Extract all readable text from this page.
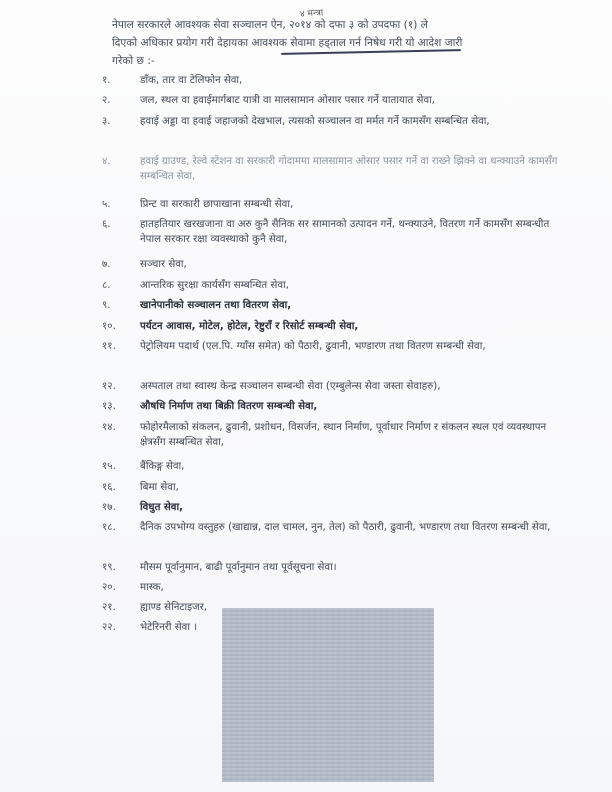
४ मन्त्रा
नेपाल सरकारले आवश्यक सेवा सञ्चालन ऐन, २०१४ को दफा ३ को उपदफा (१) ले
दिएको अधिकार प्रयोग गरी देहायका आवश्यक सेवामा हड्ताल गर्न निषेध गरी यो आदेश जारी
गरेको छ :-
१.	डाँक, तार वा टेलिफोन सेवा,
२.	जल, स्थल वा हवाईमार्गबाट यात्री वा मालसामान ओसार पसार गर्ने यातायात सेवा,
३.	हवाई अड्डा वा हवाई जहाजको देखभाल, त्यसको सञ्चालन वा मर्मत गर्ने कामसँग सम्बन्धित सेवा,
४.	हवाई ग्राउण्ड, रेल्वे स्टेशन वा सरकारी गोदाममा मालसामान ओसार पसार गर्ने वा राख्ने झिक्ने वा थन्क्याउने कामसँग सम्बन्धित सेवा,
५.	प्रिन्ट वा सरकारी छापाखाना सम्बन्धी सेवा,
६.	हातहतियार खरखजाना वा अरु कुनै सैनिक सर सामानको उत्पादन गर्ने, थन्क्याउने, वितरण गर्ने कामसँग सम्बन्धीत नेपाल सरकार रक्षा व्यवस्थाको कुनै सेवा,
७.	सञ्चार सेवा,
८.	आन्तरिक सुरक्षा कार्यसँग सम्बन्धित सेवा,
९.	खानेपानीको सञ्चालन तथा वितरण सेवा,
१०.	पर्यटन आवास, मोटेल, होटेल, रेष्टुराँ र रिसोर्ट सम्बन्धी सेवा,
११.	पेट्रोलियम पदार्थ (एल.पि. ग्याँस समेत) को पैठारी, ढुवानी, भण्डारण तथा वितरण सम्बन्धी सेवा,
१२.	अस्पताल तथा स्वास्थ केन्द्र सञ्चालन सम्बन्धी सेवा (एम्बुलेन्स सेवा जस्ता सेवाहरु),
१३.	औषधि निर्माण तथा बिक्री वितरण सम्बन्धी सेवा,
१४.	फोहोरमैलाको संकलन, ढुवानी, प्रशोधन, विसर्जन, स्थान निर्माण, पूर्वाधार निर्माण र संकलन स्थल एवं व्यवस्थापन क्षेत्रसँग सम्बन्धित सेवा,
१५.	बैंकिङ्ग सेवा,
१६.	बिमा सेवा,
१७.	विधुत सेवा,
१८.	दैनिक उपभोग्य वस्तुहरु (खाद्यान्न, दाल चामल, नुन, तेल) को पैठारी, ढुवानी, भण्डारण तथा वितरण सम्बन्धी सेवा,
१९.	मौसम पूर्वानुमान, बाढी पूर्वानुमान तथा पूर्वसूचना सेवा।
२०.	मास्क,
२१.	ह्याण्ड सेनिटाइजर,
२२.	भेटेरिनरी सेवा ।
